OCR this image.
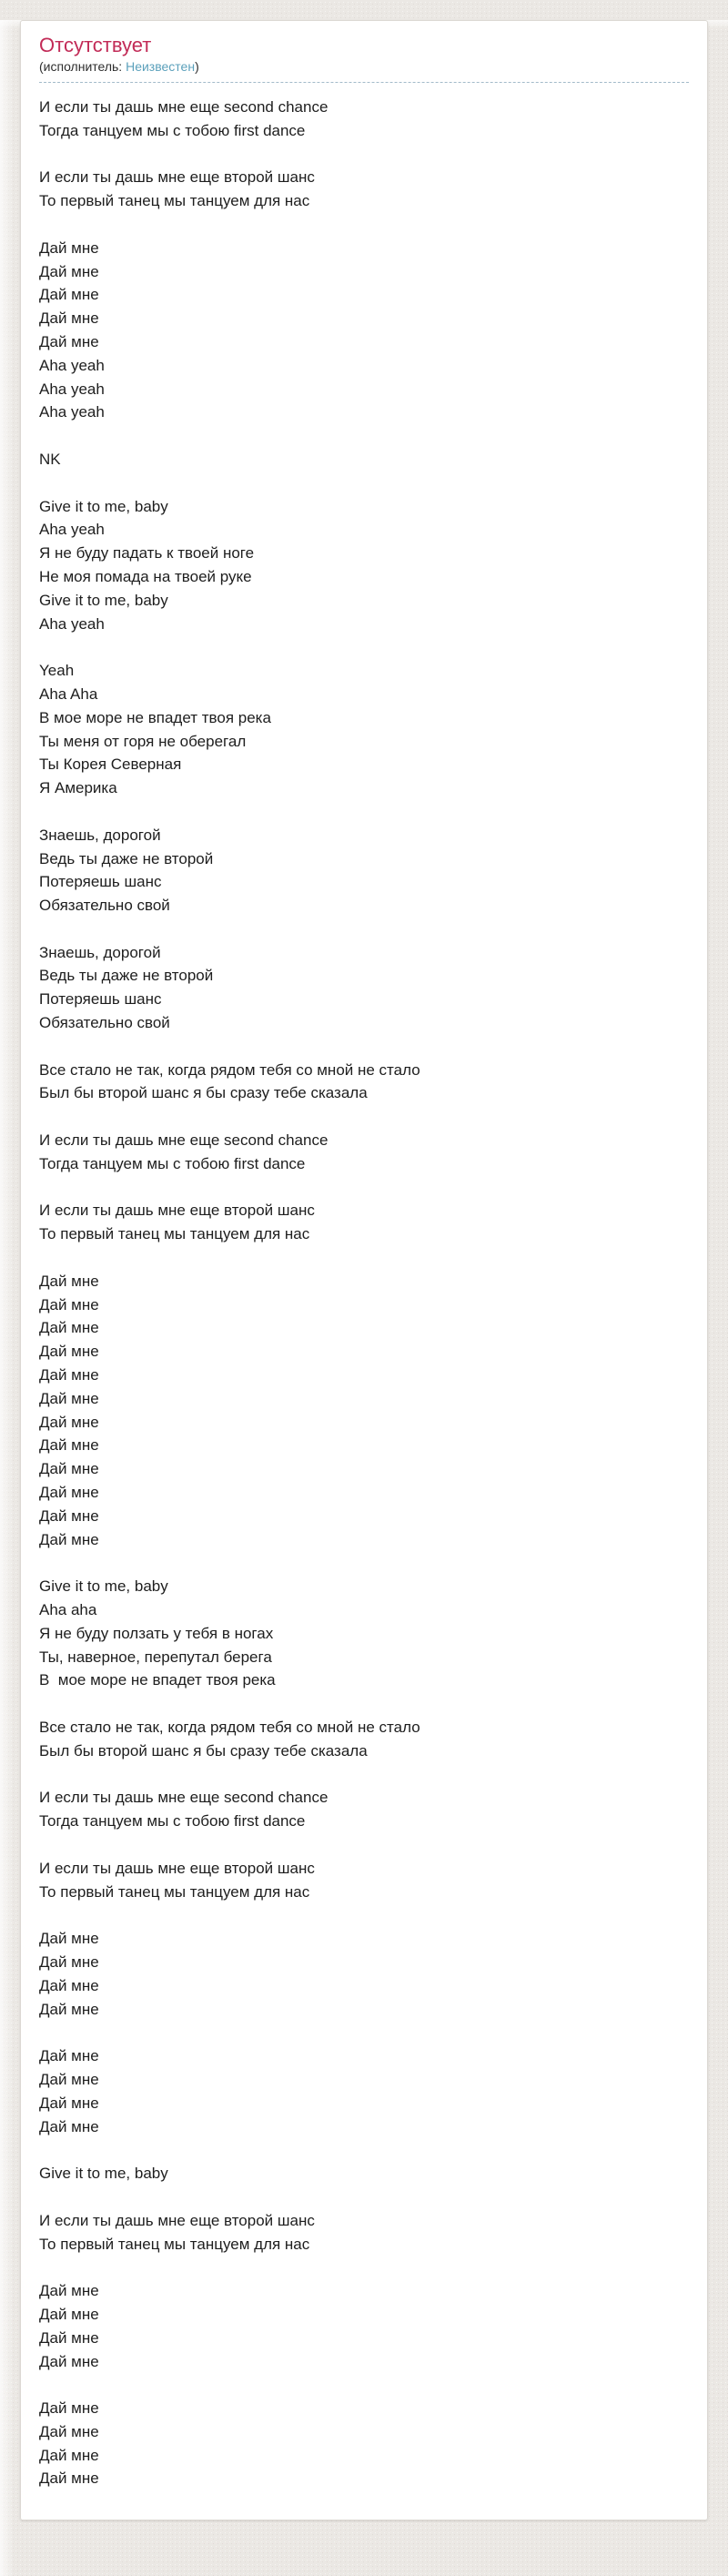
Отсутствует
(исполнитель: Неизвестен)
И если ты дашь мне еще second chance
Тогда танцуем мы с тобою first dance
И если ты дашь мне еще второй шанс
То первый танец мы танцуем для нас
Дай мне
Дай мне
Дай мне
Дай мне
Дай мне
Aha yeah
Aha yeah
Aha yeah
NK
Give it to me, baby
Aha yeah
Я не буду падать к твоей ноге
Не моя помада на твоей руке
Give it to me, baby
Aha yeah
Yeah
Aha Aha
В мое море не впадет твоя река
Ты меня от горя не оберегал
Ты Корея Северная
Я Америка
Знаешь, дорогой
Ведь ты даже не второй
Потеряешь шанс
Обязательно свой
Знаешь, дорогой
Ведь ты даже не второй
Потеряешь шанс
Обязательно свой
Все стало не так, когда рядом тебя со мной не стало
Был бы второй шанс я бы сразу тебе сказала
И если ты дашь мне еще second chance
Тогда танцуем мы с тобою first dance
И если ты дашь мне еще второй шанс
То первый танец мы танцуем для нас
Дай мне
Дай мне
Дай мне
Дай мне
Дай мне
Дай мне
Дай мне
Дай мне
Дай мне
Дай мне
Дай мне
Дай мне
Give it to me, baby
Aha aha
Я не буду ползать у тебя в ногах
Ты, наверное, перепутал берега
В  мое море не впадет твоя река
Все стало не так, когда рядом тебя со мной не стало
Был бы второй шанс я бы сразу тебе сказала
И если ты дашь мне еще second chance
Тогда танцуем мы с тобою first dance
И если ты дашь мне еще второй шанс
То первый танец мы танцуем для нас
Дай мне
Дай мне
Дай мне
Дай мне
Дай мне
Дай мне
Дай мне
Дай мне
Give it to me, baby
И если ты дашь мне еще второй шанс
То первый танец мы танцуем для нас
Дай мне
Дай мне
Дай мне
Дай мне
Дай мне
Дай мне
Дай мне
Дай мне
